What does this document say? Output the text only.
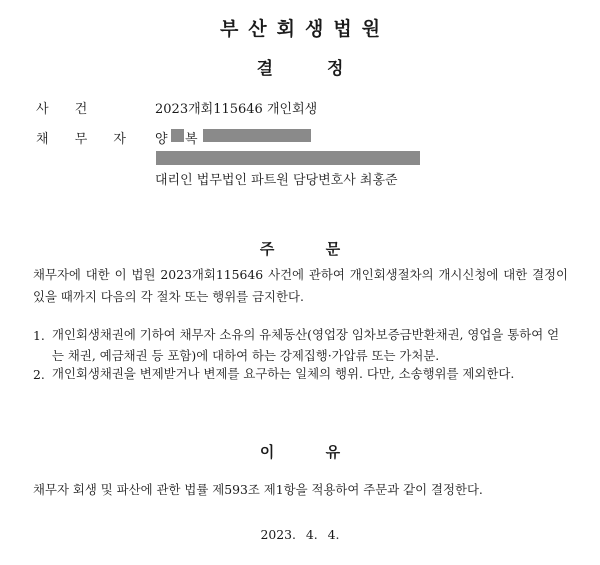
부산회생법원
결 정
사 건	2023개회115646 개인회생
채 무 자 양 복
대리인 법무법인 파트원 담당변호사 최홍준
주 문
채무자에 대한 이 법원 2023개회115646 사건에 관하여 개인회생절차의 개시신청에 대한 결정이 있을 때까지 다음의 각 절차 또는 행위를 금지한다.
1. 개인회생채권에 기하여 채무자 소유의 유체동산(영업장 임차보증금반환채권, 영업을 통하여 얻는 채권, 예금채권 등 포함)에 대하여 하는 강제집행·가압류 또는 가처분.
2. 개인회생채권을 변제받거나 변제를 요구하는 일체의 행위. 다만, 소송행위를 제외한다.
이 유
채무자 회생 및 파산에 관한 법률 제593조 제1항을 적용하여 주문과 같이 결정한다.
2023. 4. 4.
